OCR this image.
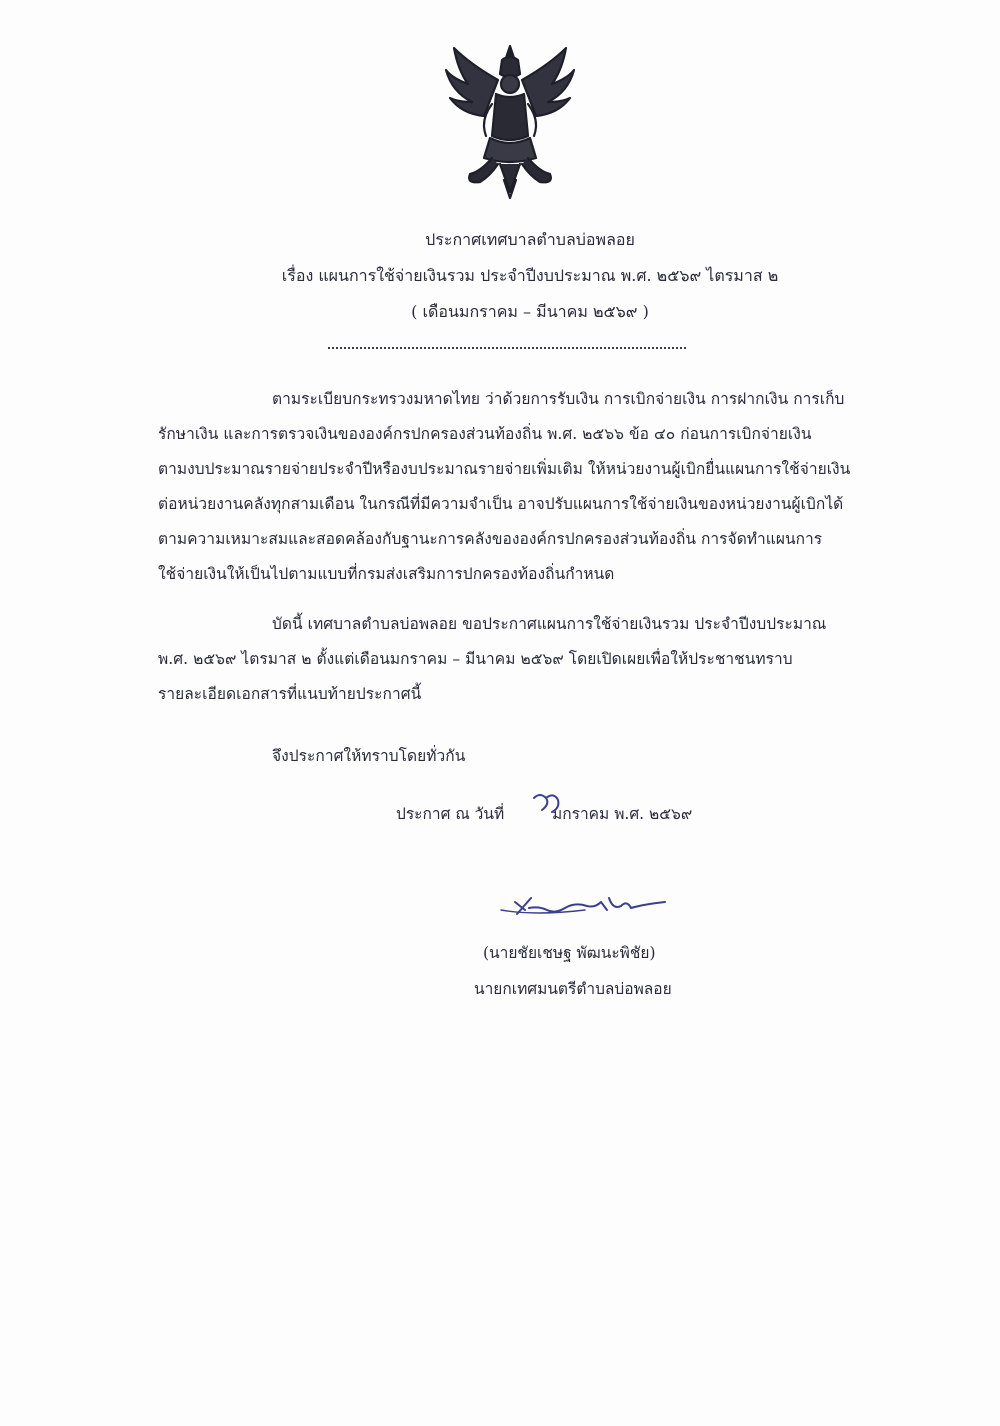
ประกาศเทศบาลตำบลบ่อพลอย
เรื่อง แผนการใช้จ่ายเงินรวม ประจำปีงบประมาณ พ.ศ. ๒๕๖๙ ไตรมาส ๒
( เดือนมกราคม – มีนาคม ๒๕๖๙ )
ตามระเบียบกระทรวงมหาดไทย ว่าด้วยการรับเงิน การเบิกจ่ายเงิน การฝากเงิน การเก็บ
รักษาเงิน และการตรวจเงินขององค์กรปกครองส่วนท้องถิ่น พ.ศ. ๒๕๖๖ ข้อ ๔๐ ก่อนการเบิกจ่ายเงิน
ตามงบประมาณรายจ่ายประจำปีหรืองบประมาณรายจ่ายเพิ่มเติม ให้หน่วยงานผู้เบิกยื่นแผนการใช้จ่ายเงิน
ต่อหน่วยงานคลังทุกสามเดือน ในกรณีที่มีความจำเป็น อาจปรับแผนการใช้จ่ายเงินของหน่วยงานผู้เบิกได้
ตามความเหมาะสมและสอดคล้องกับฐานะการคลังขององค์กรปกครองส่วนท้องถิ่น การจัดทำแผนการ
ใช้จ่ายเงินให้เป็นไปตามแบบที่กรมส่งเสริมการปกครองท้องถิ่นกำหนด
บัดนี้ เทศบาลตำบลบ่อพลอย ขอประกาศแผนการใช้จ่ายเงินรวม ประจำปีงบประมาณ
พ.ศ. ๒๕๖๙ ไตรมาส ๒ ตั้งแต่เดือนมกราคม – มีนาคม ๒๕๖๙ โดยเปิดเผยเพื่อให้ประชาชนทราบ
รายละเอียดเอกสารที่แนบท้ายประกาศนี้
จึงประกาศให้ทราบโดยทั่วกัน
ประกาศ ณ วันที่	มกราคม พ.ศ. ๒๕๖๙
(นายชัยเชษฐ พัฒนะพิชัย)
นายกเทศมนตรีตำบลบ่อพลอย
